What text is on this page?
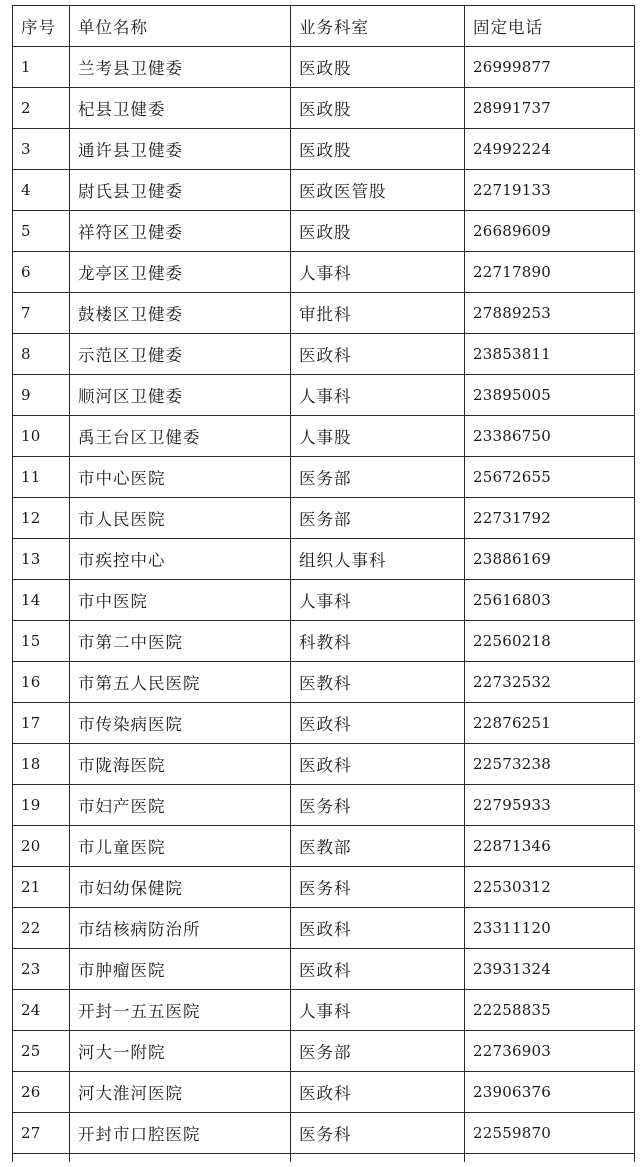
序号	单位名称	业务科室	固定电话
1	兰考县卫健委	医政股	26999877
2	杞县卫健委	医政股	28991737
3	通许县卫健委	医政股	24992224
4	尉氏县卫健委	医政医管股	22719133
5	祥符区卫健委	医政股	26689609
6	龙亭区卫健委	人事科	22717890
7	鼓楼区卫健委	审批科	27889253
8	示范区卫健委	医政科	23853811
9	顺河区卫健委	人事科	23895005
10	禹王台区卫健委	人事股	23386750
11	市中心医院	医务部	25672655
12	市人民医院	医务部	22731792
13	市疾控中心	组织人事科	23886169
14	市中医院	人事科	25616803
15	市第二中医院	科教科	22560218
16	市第五人民医院	医教科	22732532
17	市传染病医院	医政科	22876251
18	市陇海医院	医政科	22573238
19	市妇产医院	医务科	22795933
20	市儿童医院	医教部	22871346
21	市妇幼保健院	医务科	22530312
22	市结核病防治所	医政科	23311120
23	市肿瘤医院	医政科	23931324
24	开封一五五医院	人事科	22258835
25	河大一附院	医务部	22736903
26	河大淮河医院	医政科	23906376
27	开封市口腔医院	医务科	22559870
